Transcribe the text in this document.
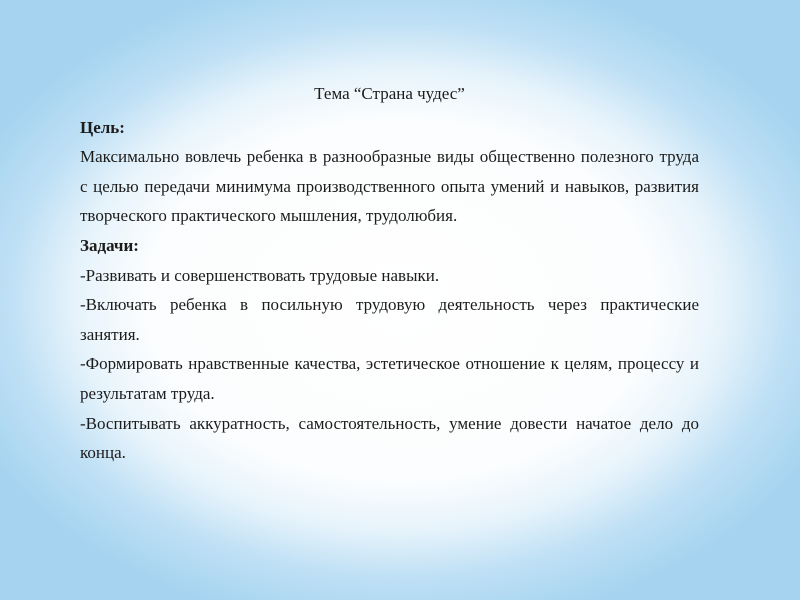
Тема “Страна чудес”

Цель:

Максимально вовлечь ребенка в разнообразные виды общественно полезного труда с целью передачи минимума производственного опыта умений и навыков, развития творческого практического мышления, трудолюбия.

Задачи:

-Развивать и совершенствовать трудовые навыки.

-Включать ребенка в посильную трудовую деятельность через практические занятия.

-Формировать нравственные качества, эстетическое отношение к целям, процессу и результатам труда.

-Воспитывать аккуратность, самостоятельность, умение довести начатое дело до конца.
